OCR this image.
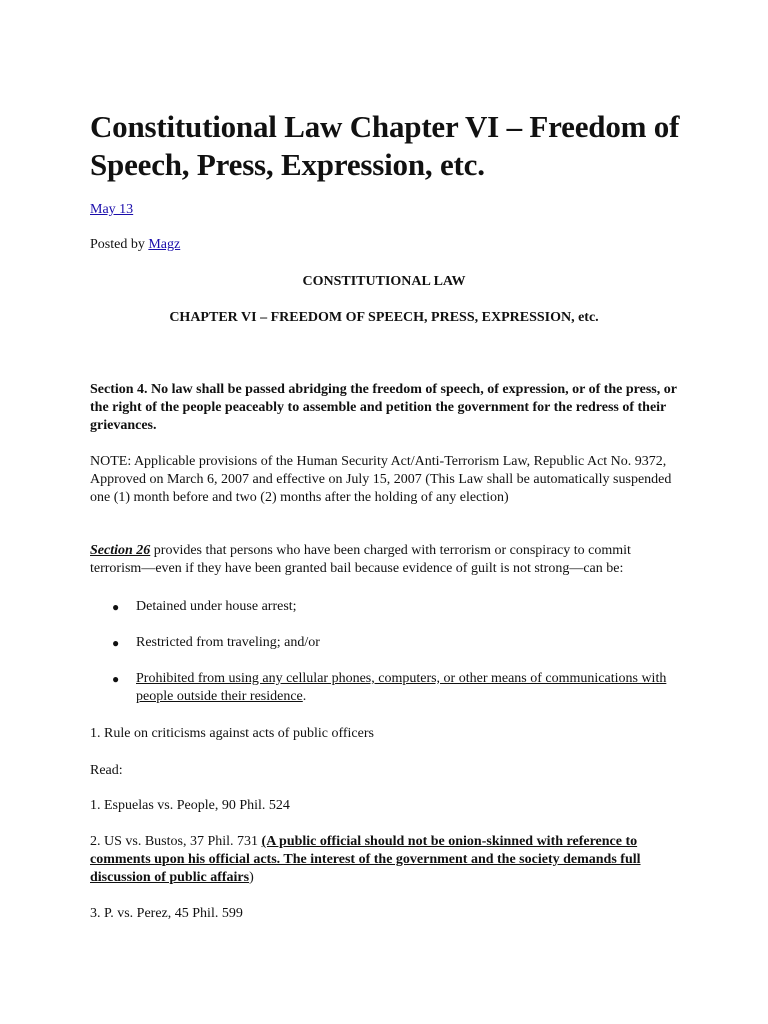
Constitutional Law Chapter VI – Freedom of Speech, Press, Expression, etc.
May 13
Posted by Magz
CONSTITUTIONAL LAW
CHAPTER VI – FREEDOM OF SPEECH, PRESS, EXPRESSION, etc.
Section 4. No law shall be passed abridging the freedom of speech, of expression, or of the press, or the right of the people peaceably to assemble and petition the government for the redress of their grievances.
NOTE: Applicable provisions of the Human Security Act/Anti-Terrorism Law, Republic Act No. 9372, Approved on March 6, 2007 and effective on July 15, 2007 (This Law shall be automatically suspended one (1) month before and two (2) months after the holding of any election)
Section 26 provides that persons who have been charged with terrorism or conspiracy to commit terrorism—even if they have been granted bail because evidence of guilt is not strong—can be:
● Detained under house arrest;
● Restricted from traveling; and/or
● Prohibited from using any cellular phones, computers, or other means of communications with people outside their residence.
1. Rule on criticisms against acts of public officers
Read:
1. Espuelas vs. People, 90 Phil. 524
2. US vs. Bustos, 37 Phil. 731 (A public official should not be onion-skinned with reference to comments upon his official acts. The interest of the government and the society demands full discussion of public affairs)
3. P. vs. Perez, 45 Phil. 599
